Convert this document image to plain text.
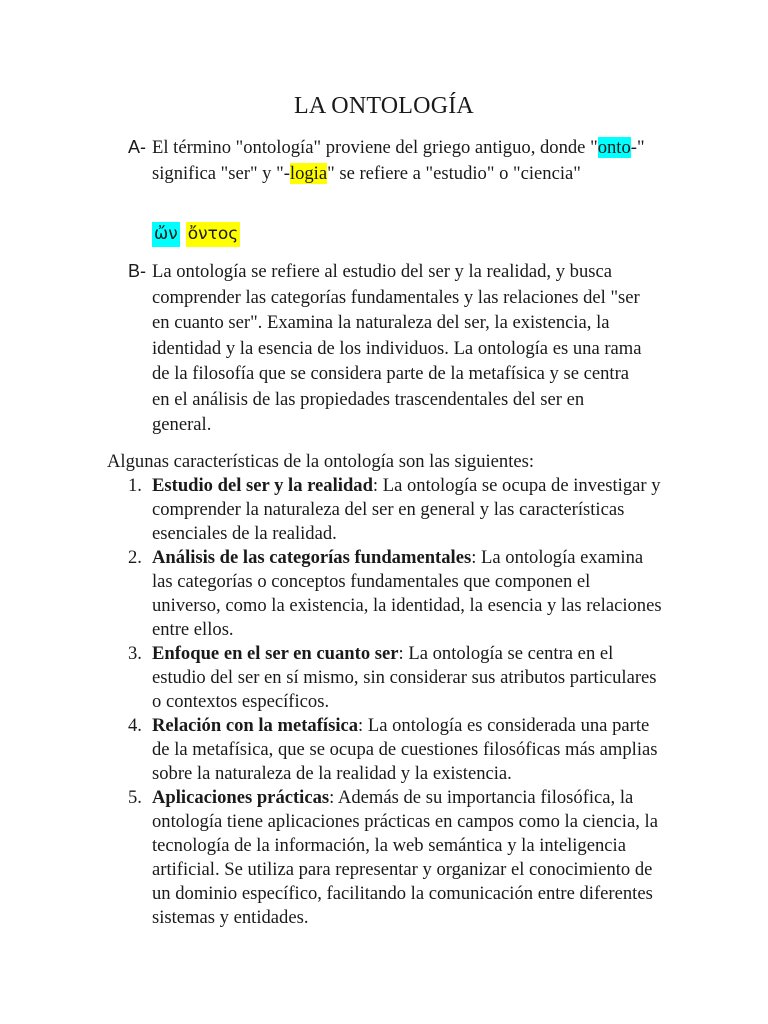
LA ONTOLOGÍA
A- El término "ontología" proviene del griego antiguo, donde "onto-" significa "ser" y "-logia" se refiere a "estudio" o "ciencia"
ὤν ὄντος
B- La ontología se refiere al estudio del ser y la realidad, y busca comprender las categorías fundamentales y las relaciones del "ser en cuanto ser". Examina la naturaleza del ser, la existencia, la identidad y la esencia de los individuos. La ontología es una rama de la filosofía que se considera parte de la metafísica y se centra en el análisis de las propiedades trascendentales del ser en general.
Algunas características de la ontología son las siguientes:
1. Estudio del ser y la realidad: La ontología se ocupa de investigar y comprender la naturaleza del ser en general y las características esenciales de la realidad.
2. Análisis de las categorías fundamentales: La ontología examina las categorías o conceptos fundamentales que componen el universo, como la existencia, la identidad, la esencia y las relaciones entre ellos.
3. Enfoque en el ser en cuanto ser: La ontología se centra en el estudio del ser en sí mismo, sin considerar sus atributos particulares o contextos específicos.
4. Relación con la metafísica: La ontología es considerada una parte de la metafísica, que se ocupa de cuestiones filosóficas más amplias sobre la naturaleza de la realidad y la existencia.
5. Aplicaciones prácticas: Además de su importancia filosófica, la ontología tiene aplicaciones prácticas en campos como la ciencia, la tecnología de la información, la web semántica y la inteligencia artificial. Se utiliza para representar y organizar el conocimiento de un dominio específico, facilitando la comunicación entre diferentes sistemas y entidades.
